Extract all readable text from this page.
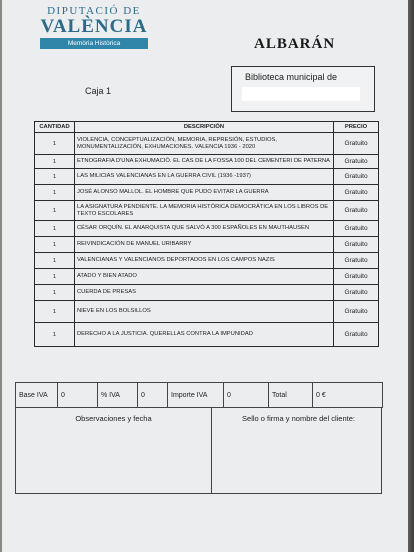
DIPUTACIÓ DE
VALÈNCIA
Memòria Històrica	ALBARÁN
Caja 1
Biblioteca municipal de
CANTIDAD	DESCRIPCIÓN	PRECIO
1	VIOLENCIA, CONCEPTUALIZACIÓN, MEMORIA, REPRESIÓN, ESTUDIOS, MONUMENTALIZACIÓN, EXHUMACIONES. VALENCIA 1936 - 2020	Gratuito
1	ETNOGRAFIA D'UNA EXHUMACIÓ. EL CAS DE LA FOSSA 100 DEL CEMENTERI DE PATERNA	Gratuito
1	LAS MILICIAS VALENCIANAS EN LA GUERRA CIVIL (1936 -1937)	Gratuito
1	JOSÉ ALONSO MALLOL. EL HOMBRE QUE PUDO EVITAR LA GUERRA	Gratuito
1	LA ASIGNATURA PENDIENTE. LA MEMORIA HISTÓRICA DEMOCRÁTICA EN LOS LIBROS DE TEXTO ESCOLARES	Gratuito
1	CÉSAR ORQUÍN. EL ANARQUISTA QUE SALVÓ A 300 ESPAÑOLES EN MAUTHAUSEN	Gratuito
1	REIVINDICACIÓN DE MANUEL URIBARRY	Gratuito
1	VALENCIANAS Y VALENCIANOS DEPORTADOS EN LOS CAMPOS NAZIS	Gratuito
1	ATADO Y BIEN ATADO	Gratuito
1	CUERDA DE PRESAS	Gratuito
1	NIEVE EN LOS BOLSILLOS	Gratuito
1	DERECHO A LA JUSTICIA. QUERELLAS CONTRA LA IMPUNIDAD	Gratuito
Base IVA	0	% IVA	0	Importe IVA	0	Total	0 €
Observaciones y fecha	Sello o firma y nombre del cliente:
